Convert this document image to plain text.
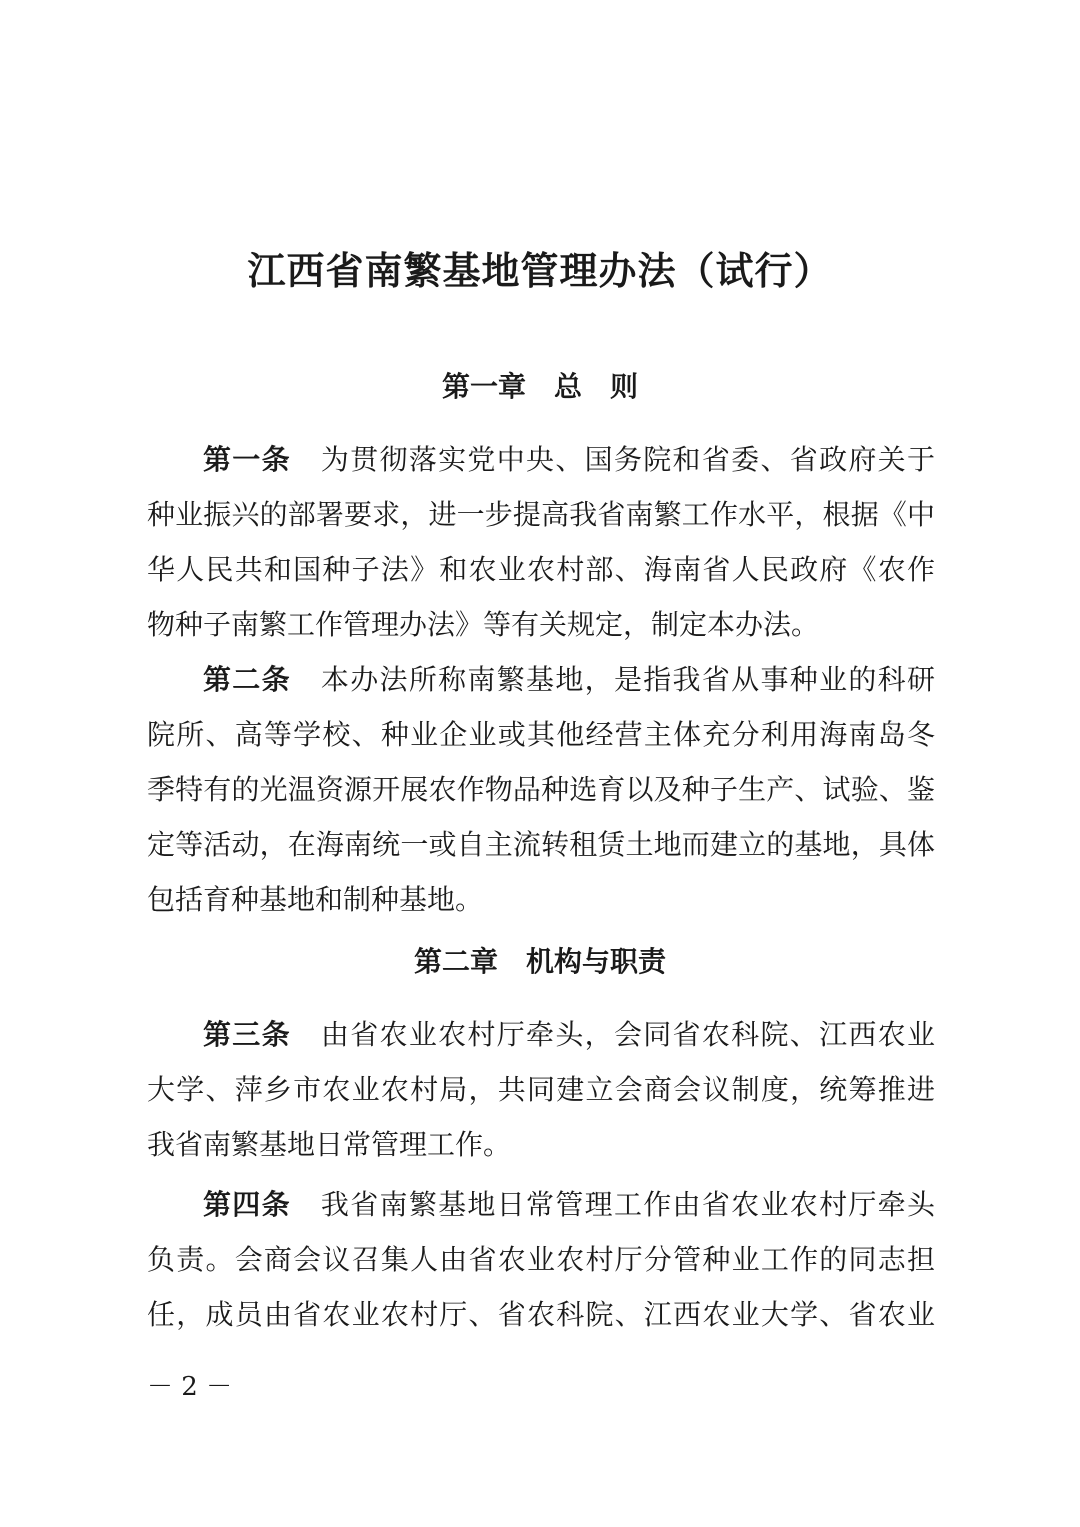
江西省南繁基地管理办法（试行）
第一章　总　则
第一条 为贯彻落实党中央、国务院和省委、省政府关于
种业振兴的部署要求，进一步提高我省南繁工作水平，根据《中
华人民共和国种子法》和农业农村部、海南省人民政府《农作
物种子南繁工作管理办法》等有关规定，制定本办法。
第二条 本办法所称南繁基地，是指我省从事种业的科研
院所、高等学校、种业企业或其他经营主体充分利用海南岛冬
季特有的光温资源开展农作物品种选育以及种子生产、试验、鉴
定等活动，在海南统一或自主流转租赁土地而建立的基地，具体
包括育种基地和制种基地。
第二章　机构与职责
第三条 由省农业农村厅牵头，会同省农科院、江西农业
大学、萍乡市农业农村局，共同建立会商会议制度，统筹推进
我省南繁基地日常管理工作。
第四条 我省南繁基地日常管理工作由省农业农村厅牵头
负责。会商会议召集人由省农业农村厅分管种业工作的同志担
任，成员由省农业农村厅、省农科院、江西农业大学、省农业
－ 2 －
